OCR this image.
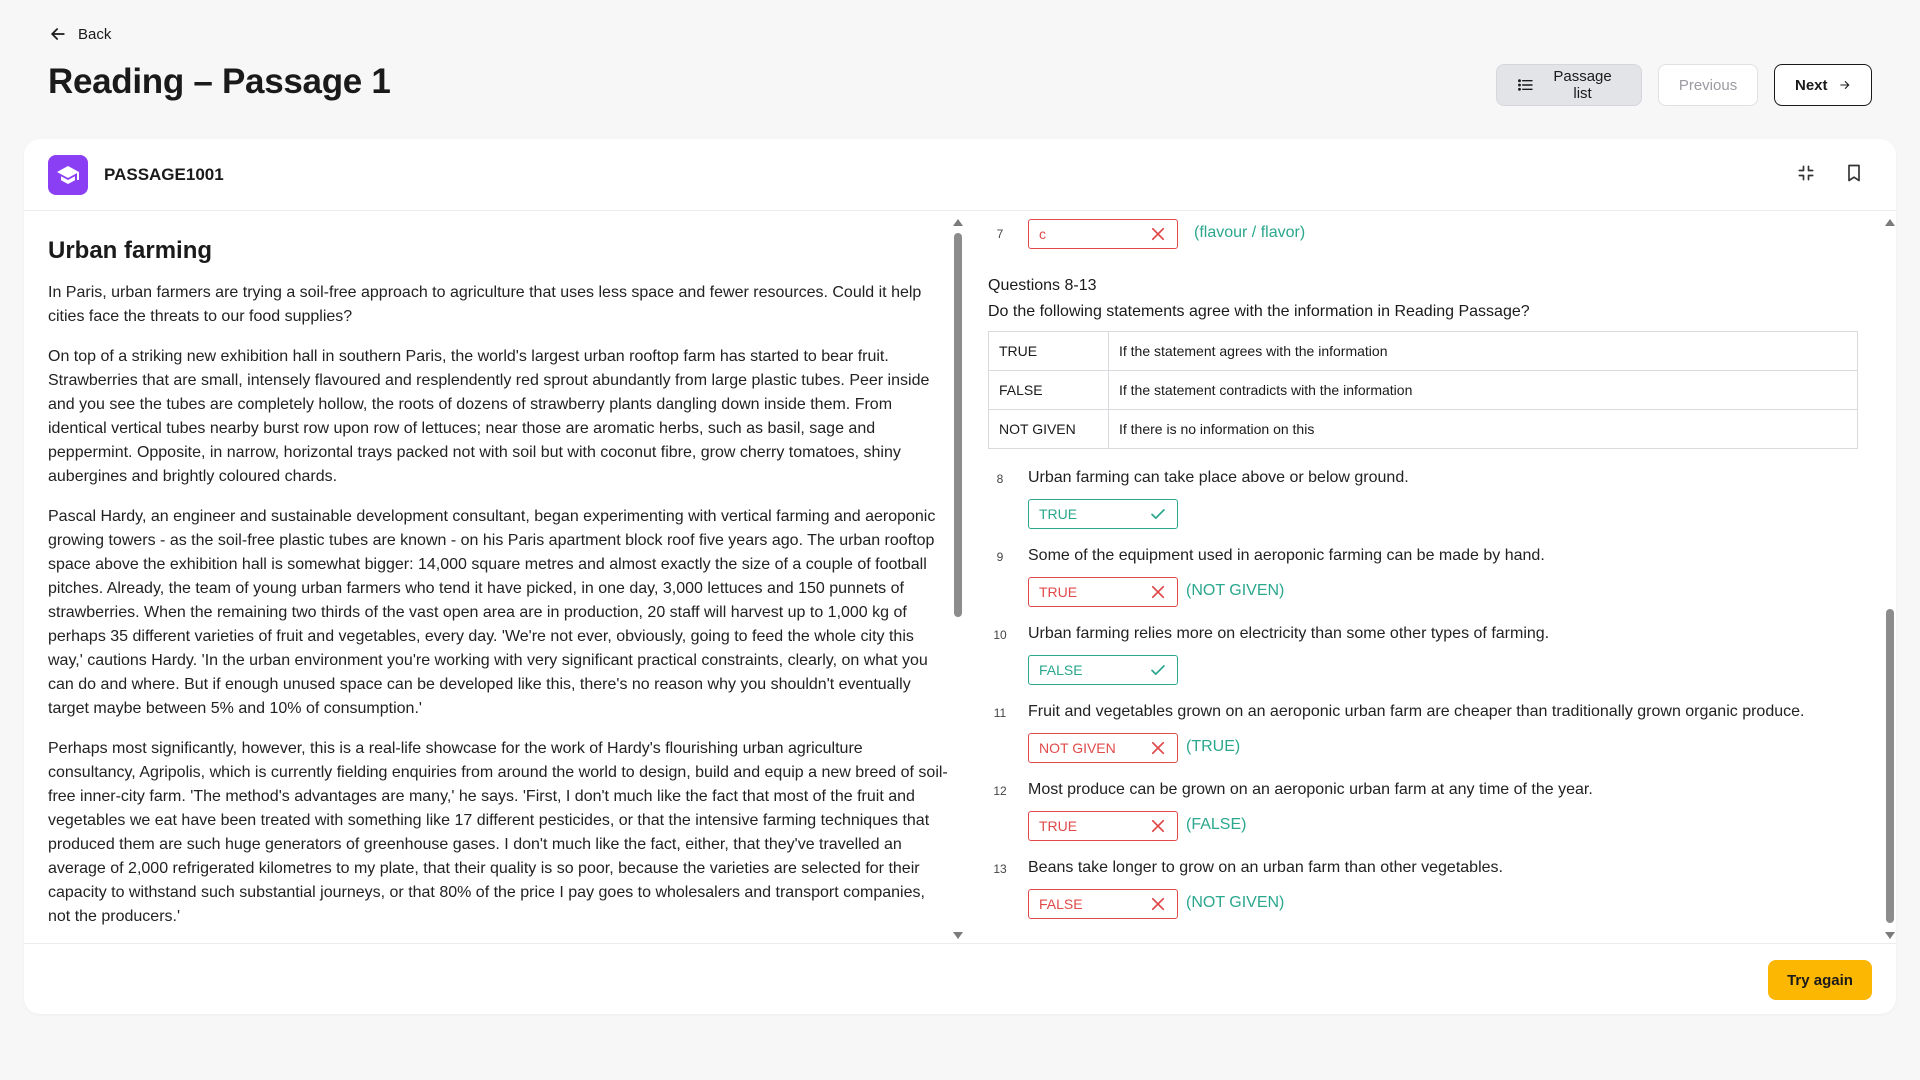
Back
Reading – Passage 1	Passage list	Previous	Next
PASSAGE1001
Urban farming

In Paris, urban farmers are trying a soil-free approach to agriculture that uses less space and fewer resources. Could it help cities face the threats to our food supplies?

On top of a striking new exhibition hall in southern Paris, the world's largest urban rooftop farm has started to bear fruit. Strawberries that are small, intensely flavoured and resplendently red sprout abundantly from large plastic tubes. Peer inside and you see the tubes are completely hollow, the roots of dozens of strawberry plants dangling down inside them. From identical vertical tubes nearby burst row upon row of lettuces; near those are aromatic herbs, such as basil, sage and peppermint. Opposite, in narrow, horizontal trays packed not with soil but with coconut fibre, grow cherry tomatoes, shiny aubergines and brightly coloured chards.

Pascal Hardy, an engineer and sustainable development consultant, began experimenting with vertical farming and aeroponic growing towers - as the soil-free plastic tubes are known - on his Paris apartment block roof five years ago. The urban rooftop space above the exhibition hall is somewhat bigger: 14,000 square metres and almost exactly the size of a couple of football pitches. Already, the team of young urban farmers who tend it have picked, in one day, 3,000 lettuces and 150 punnets of strawberries. When the remaining two thirds of the vast open area are in production, 20 staff will harvest up to 1,000 kg of perhaps 35 different varieties of fruit and vegetables, every day. 'We're not ever, obviously, going to feed the whole city this way,' cautions Hardy. 'In the urban environment you're working with very significant practical constraints, clearly, on what you can do and where. But if enough unused space can be developed like this, there's no reason why you shouldn't eventually target maybe between 5% and 10% of consumption.'

Perhaps most significantly, however, this is a real-life showcase for the work of Hardy's flourishing urban agriculture consultancy, Agripolis, which is currently fielding enquiries from around the world to design, build and equip a new breed of soil-free inner-city farm. 'The method's advantages are many,' he says. 'First, I don't much like the fact that most of the fruit and vegetables we eat have been treated with something like 17 different pesticides, or that the intensive farming techniques that produced them are such huge generators of greenhouse gases. I don't much like the fact, either, that they've travelled an average of 2,000 refrigerated kilometres to my plate, that their quality is so poor, because the varieties are selected for their capacity to withstand such substantial journeys, or that 80% of the price I pay goes to wholesalers and transport companies, not the producers.'

7	c	(flavour / flavor)
Questions 8-13
Do the following statements agree with the information in Reading Passage?
TRUE	If the statement agrees with the information
FALSE	If the statement contradicts with the information
NOT GIVEN	If there is no information on this
8	Urban farming can take place above or below ground.
TRUE
9	Some of the equipment used in aeroponic farming can be made by hand.
TRUE	(NOT GIVEN)
10	Urban farming relies more on electricity than some other types of farming.
FALSE
11	Fruit and vegetables grown on an aeroponic urban farm are cheaper than traditionally grown organic produce.
NOT GIVEN	(TRUE)
12	Most produce can be grown on an aeroponic urban farm at any time of the year.
TRUE	(FALSE)
13	Beans take longer to grow on an urban farm than other vegetables.
FALSE	(NOT GIVEN)
Try again
